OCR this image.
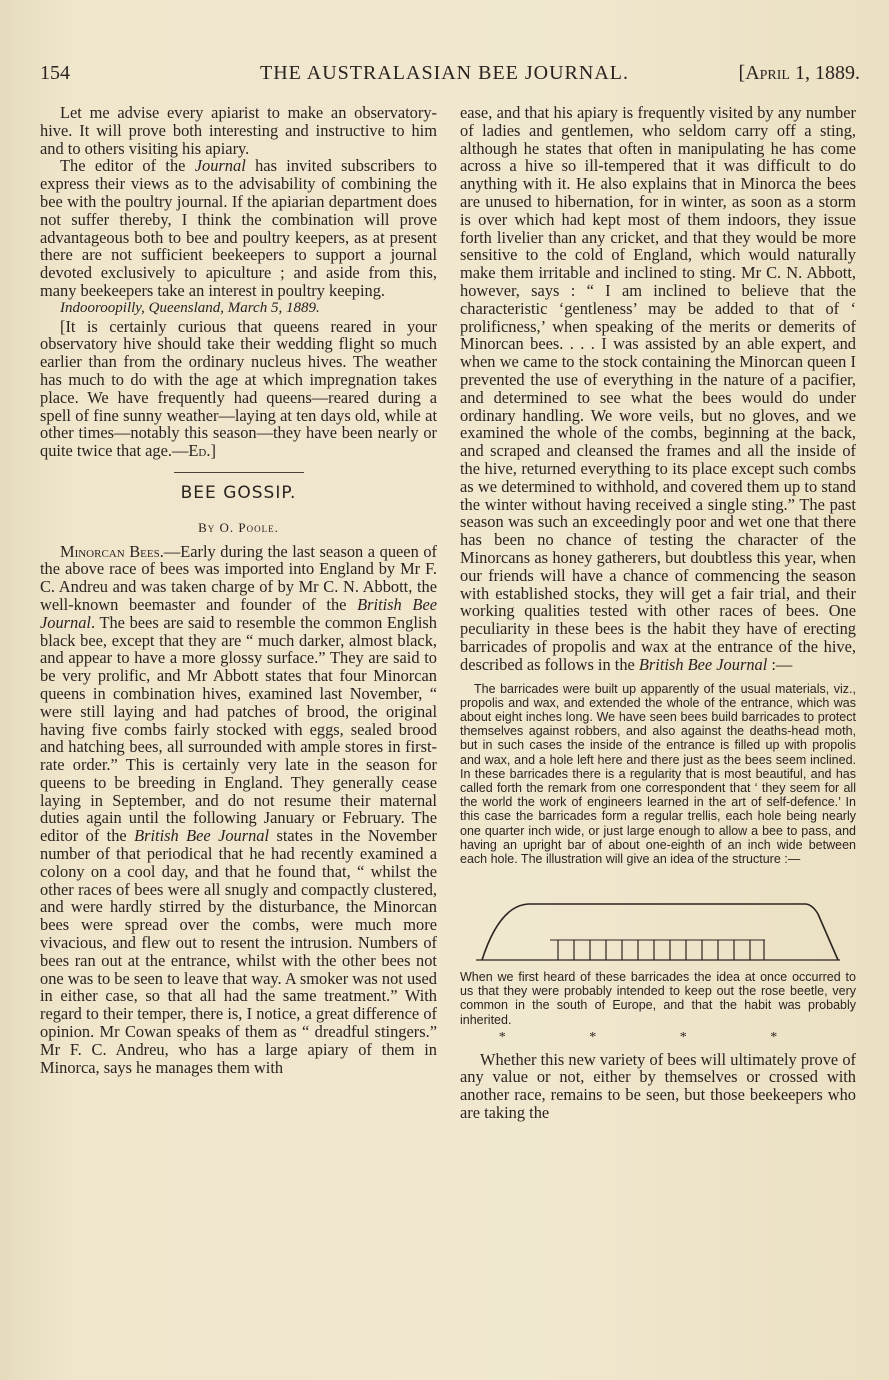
154	THE AUSTRALASIAN BEE JOURNAL.	[April 1, 1889.

Let me advise every apiarist to make an observatory-hive. It will prove both interesting and instructive to him and to others visiting his apiary.

The editor of the Journal has invited subscribers to express their views as to the advisability of combining the bee with the poultry journal. If the apiarian department does not suffer thereby, I think the combination will prove advantageous both to bee and poultry keepers, as at present there are not sufficient beekeepers to support a journal devoted exclusively to apiculture ; and aside from this, many beekeepers take an interest in poultry keeping.

Indooroopilly, Queensland, March 5, 1889.

[It is certainly curious that queens reared in your observatory hive should take their wedding flight so much earlier than from the ordinary nucleus hives. The weather has much to do with the age at which impregnation takes place. We have frequently had queens—reared during a spell of fine sunny weather—laying at ten days old, while at other times—notably this season—they have been nearly or quite twice that age.—Ed.]

BEE GOSSIP.
By O. Poole.

Minorcan Bees.—Early during the last season a queen of the above race of bees was imported into England by Mr F. C. Andreu and was taken charge of by Mr C. N. Abbott, the well-known beemaster and founder of the British Bee Journal. The bees are said to resemble the common English black bee, except that they are “ much darker, almost black, and appear to have a more glossy surface.” They are said to be very prolific, and Mr Abbott states that four Minorcan queens in combination hives, examined last November, “ were still laying and had patches of brood, the original having five combs fairly stocked with eggs, sealed brood and hatching bees, all surrounded with ample stores in first-rate order.” This is certainly very late in the season for queens to be breeding in England. They generally cease laying in September, and do not resume their maternal duties again until the following January or February. The editor of the British Bee Journal states in the November number of that periodical that he had recently examined a colony on a cool day, and that he found that, “ whilst the other races of bees were all snugly and compactly clustered, and were hardly stirred by the disturbance, the Minorcan bees were spread over the combs, were much more vivacious, and flew out to resent the intrusion. Numbers of bees ran out at the entrance, whilst with the other bees not one was to be seen to leave that way. A smoker was not used in either case, so that all had the same treatment.” With regard to their temper, there is, I notice, a great difference of opinion. Mr Cowan speaks of them as “ dreadful stingers.” Mr F. C. Andreu, who has a large apiary of them in Minorca, says he manages them with

ease, and that his apiary is frequently visited by any number of ladies and gentlemen, who seldom carry off a sting, although he states that often in manipulating he has come across a hive so ill-tempered that it was difficult to do anything with it. He also explains that in Minorca the bees are unused to hibernation, for in winter, as soon as a storm is over which had kept most of them indoors, they issue forth livelier than any cricket, and that they would be more sensitive to the cold of England, which would naturally make them irritable and inclined to sting. Mr C. N. Abbott, however, says : “ I am inclined to believe that the characteristic ‘gentleness’ may be added to that of ‘ prolificness,’ when speaking of the merits or demerits of Minorcan bees. . . . I was assisted by an able expert, and when we came to the stock containing the Minorcan queen I prevented the use of everything in the nature of a pacifier, and determined to see what the bees would do under ordinary handling. We wore veils, but no gloves, and we examined the whole of the combs, beginning at the back, and scraped and cleansed the frames and all the inside of the hive, returned everything to its place except such combs as we determined to withhold, and covered them up to stand the winter without having received a single sting.” The past season was such an exceedingly poor and wet one that there has been no chance of testing the character of the Minorcans as honey gatherers, but doubtless this year, when our friends will have a chance of commencing the season with established stocks, they will get a fair trial, and their working qualities tested with other races of bees. One peculiarity in these bees is the habit they have of erecting barricades of propolis and wax at the entrance of the hive, described as follows in the British Bee Journal :—

The barricades were built up apparently of the usual materials, viz., propolis and wax, and extended the whole of the entrance, which was about eight inches long. We have seen bees build barricades to protect themselves against robbers, and also against the deaths-head moth, but in such cases the inside of the entrance is filled up with propolis and wax, and a hole left here and there just as the bees seem inclined. In these barricades there is a regularity that is most beautiful, and has called forth the remark from one correspondent that ‘ they seem for all the world the work of engineers learned in the art of self-defence.’ In this case the barricades form a regular trellis, each hole being nearly one quarter inch wide, or just large enough to allow a bee to pass, and having an upright bar of about one-eighth of an inch wide between each hole. The illustration will give an idea of the structure :—

When we first heard of these barricades the idea at once occurred to us that they were probably intended to keep out the rose beetle, very common in the south of Europe, and that the habit was probably inherited.
* * * *

Whether this new variety of bees will ultimately prove of any value or not, either by themselves or crossed with another race, remains to be seen, but those beekeepers who are taking the
